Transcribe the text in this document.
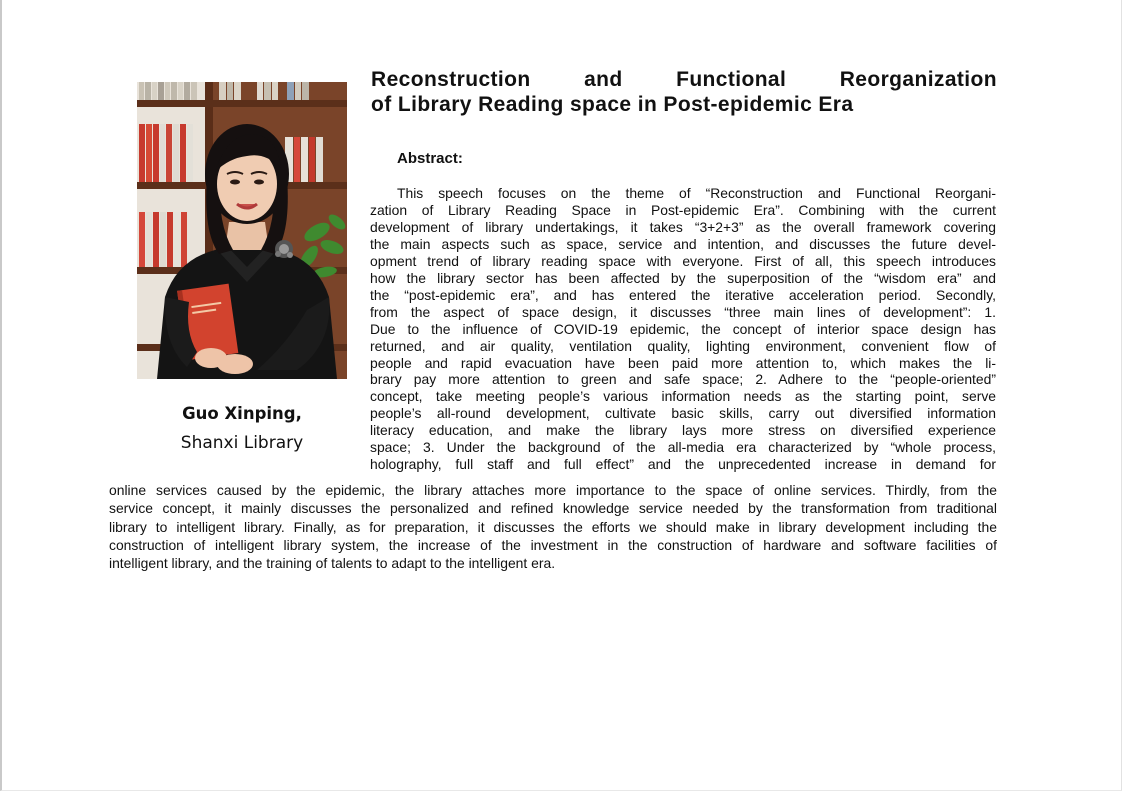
Guo Xinping,
Shanxi Library
Reconstruction and Functional Reorganization
of Library Reading space in Post-epidemic Era
Abstract:
This speech focuses on the theme of “Reconstruction and Functional Reorgani-
zation of Library Reading Space in Post-epidemic Era”. Combining with the current
development of library undertakings, it takes “3+2+3” as the overall framework covering
the main aspects such as space, service and intention, and discusses the future devel-
opment trend of library reading space with everyone. First of all, this speech introduces
how the library sector has been affected by the superposition of the “wisdom era” and
the “post-epidemic era”, and has entered the iterative acceleration period. Secondly,
from the aspect of space design, it discusses “three main lines of development”: 1.
Due to the influence of COVID-19 epidemic, the concept of interior space design has
returned, and air quality, ventilation quality, lighting environment, convenient flow of
people and rapid evacuation have been paid more attention to, which makes the li-
brary pay more attention to green and safe space; 2. Adhere to the “people-oriented”
concept, take meeting people’s various information needs as the starting point, serve
people’s all-round development, cultivate basic skills, carry out diversified information
literacy education, and make the library lays more stress on diversified experience
space; 3. Under the background of the all-media era characterized by “whole process,
holography, full staff and full effect” and the unprecedented increase in demand for
online services caused by the epidemic, the library attaches more importance to the space of online services. Thirdly, from the
service concept, it mainly discusses the personalized and refined knowledge service needed by the transformation from traditional
library to intelligent library. Finally, as for preparation, it discusses the efforts we should make in library development including the
construction of intelligent library system, the increase of the investment in the construction of hardware and software facilities of
intelligent library, and the training of talents to adapt to the intelligent era.
